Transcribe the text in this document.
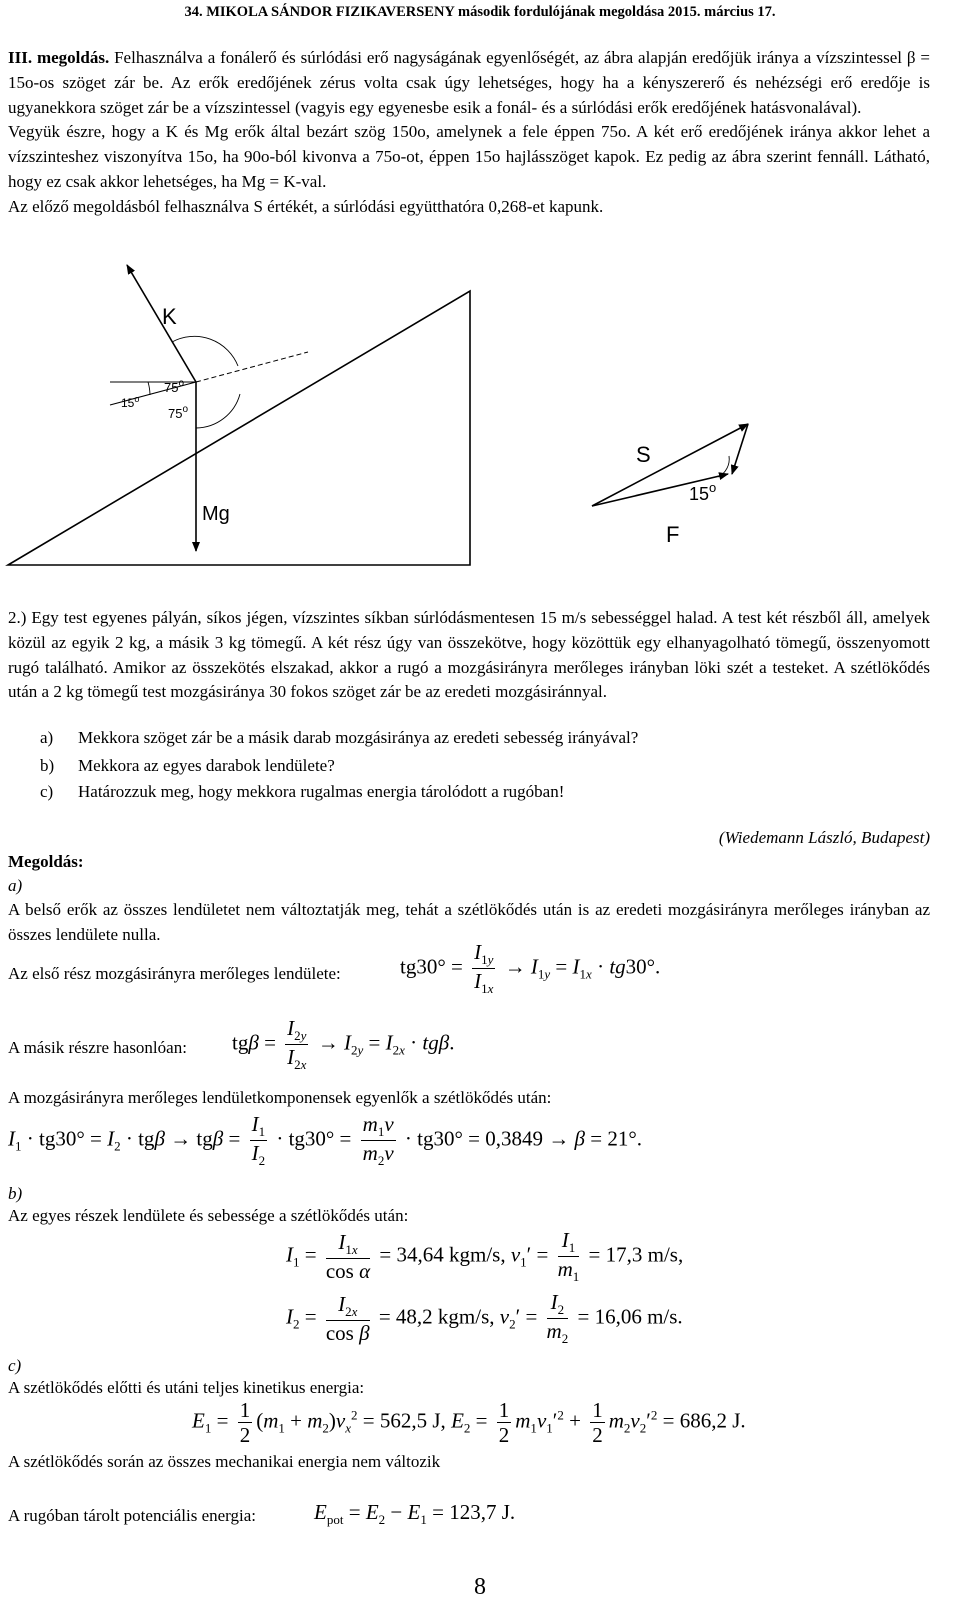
34. MIKOLA SÁNDOR FIZIKAVERSENY második fordulójának megoldása 2015. március 17.

III. megoldás. Felhasználva a fonálerő és súrlódási erő nagyságának egyenlőségét, az ábra alapján eredőjük iránya a vízszintessel β = 15o-os szöget zár be. Az erők eredőjének zérus volta csak úgy lehetséges, hogy ha a kényszererő és nehézségi erő eredője is ugyanekkora szöget zár be a vízszintessel (vagyis egy egyenesbe esik a fonál- és a súrlódási erők eredőjének hatásvonalával).

Vegyük észre, hogy a K és Mg erők által bezárt szög 150o, amelynek a fele éppen 75o. A két erő eredőjének iránya akkor lehet a vízszinteshez viszonyítva 15o, ha 90o-ból kivonva a 75o-ot, éppen 15o hajlásszöget kapok. Ez pedig az ábra szerint fennáll. Látható, hogy ez csak akkor lehetséges, ha Mg = K-val.

Az előző megoldásból felhasználva S értékét, a súrlódási együtthatóra 0,268-et kapunk.

K
Mg
75$^o$
75$^o$
15$^o$
S
F
15$^o$
2.) Egy test egyenes pályán, síkos jégen, vízszintes síkban súrlódásmentesen 15 m/s sebességgel halad. A test két részből áll, amelyek közül az egyik 2 kg, a másik 3 kg tömegű. A két rész úgy van összekötve, hogy közöttük egy elhanyagolható tömegű, összenyomott rugó található. Amikor az összekötés elszakad, akkor a rugó a mozgásirányra merőleges irányban löki szét a testeket. A szétlökődés után a 2 kg tömegű test mozgásiránya 30 fokos szöget zár be az eredeti mozgásiránnyal.
a) Mekkora szöget zár be a másik darab mozgásiránya az eredeti sebesség irányával?
b) Mekkora az egyes darabok lendülete?
c) Határozzuk meg, hogy mekkora rugalmas energia tárolódott a rugóban!
(Wiedemann László, Budapest)
Megoldás:
a)
A belső erők az összes lendületet nem változtatják meg, tehát a szétlökődés után is az eredeti mozgásirányra merőleges irányban az összes lendülete nulla.
Az első rész mozgásirányra merőleges lendülete:	$tg30^\circ = \frac{I_{1y}}{I_{1x}} \to I_{1y} = I_{1x} \cdot tg30^\circ$.
A másik részre hasonlóan: $tg\beta = \frac{I_{2y}}{I_{2x}} \to I_{2y} = I_{2x} \cdot tg\beta$.
A mozgásirányra merőleges lendületkomponensek egyenlők a szétlökődés után:
$I_1 \cdot tg30^\circ = I_2 \cdot tg\beta \to tg\beta = \frac{I_1}{I_2} \cdot tg30^\circ = \frac{m_1v}{m_2v} \cdot tg30^\circ = 0,3849 \to \beta = 21^\circ$.
b)
Az egyes részek lendülete és sebessége a szétlökődés után:
$I_1 = \frac{I_{1x}}{\text{cos α}} = 34,64$ kgm/s, $v_1' = \frac{I_1}{m_1} = 17,3$ m/s,
$I_2 = \frac{I_{2x}}{\text{cos β}} = 48,2$ kgm/s, $v_2' = \frac{I_2}{m_2} = 16,06$ m/s.
c)
A szétlökődés előtti és utáni teljes kinetikus energia:
$E_1 = \frac{1}{2} (m_1 + m_2)v_x^2 = 562,5$ J, $E_2 = \frac{1}{2} m_1v_1'^2 + \frac{1}{2} m_2v_2'^2 = 686,2$ J.
A szétlökődés során az összes mechanikai energia nem változik
A rugóban tárolt potenciális energia:	$E_{pot} = E_2 - E_1 = 123,7$ J.
8
